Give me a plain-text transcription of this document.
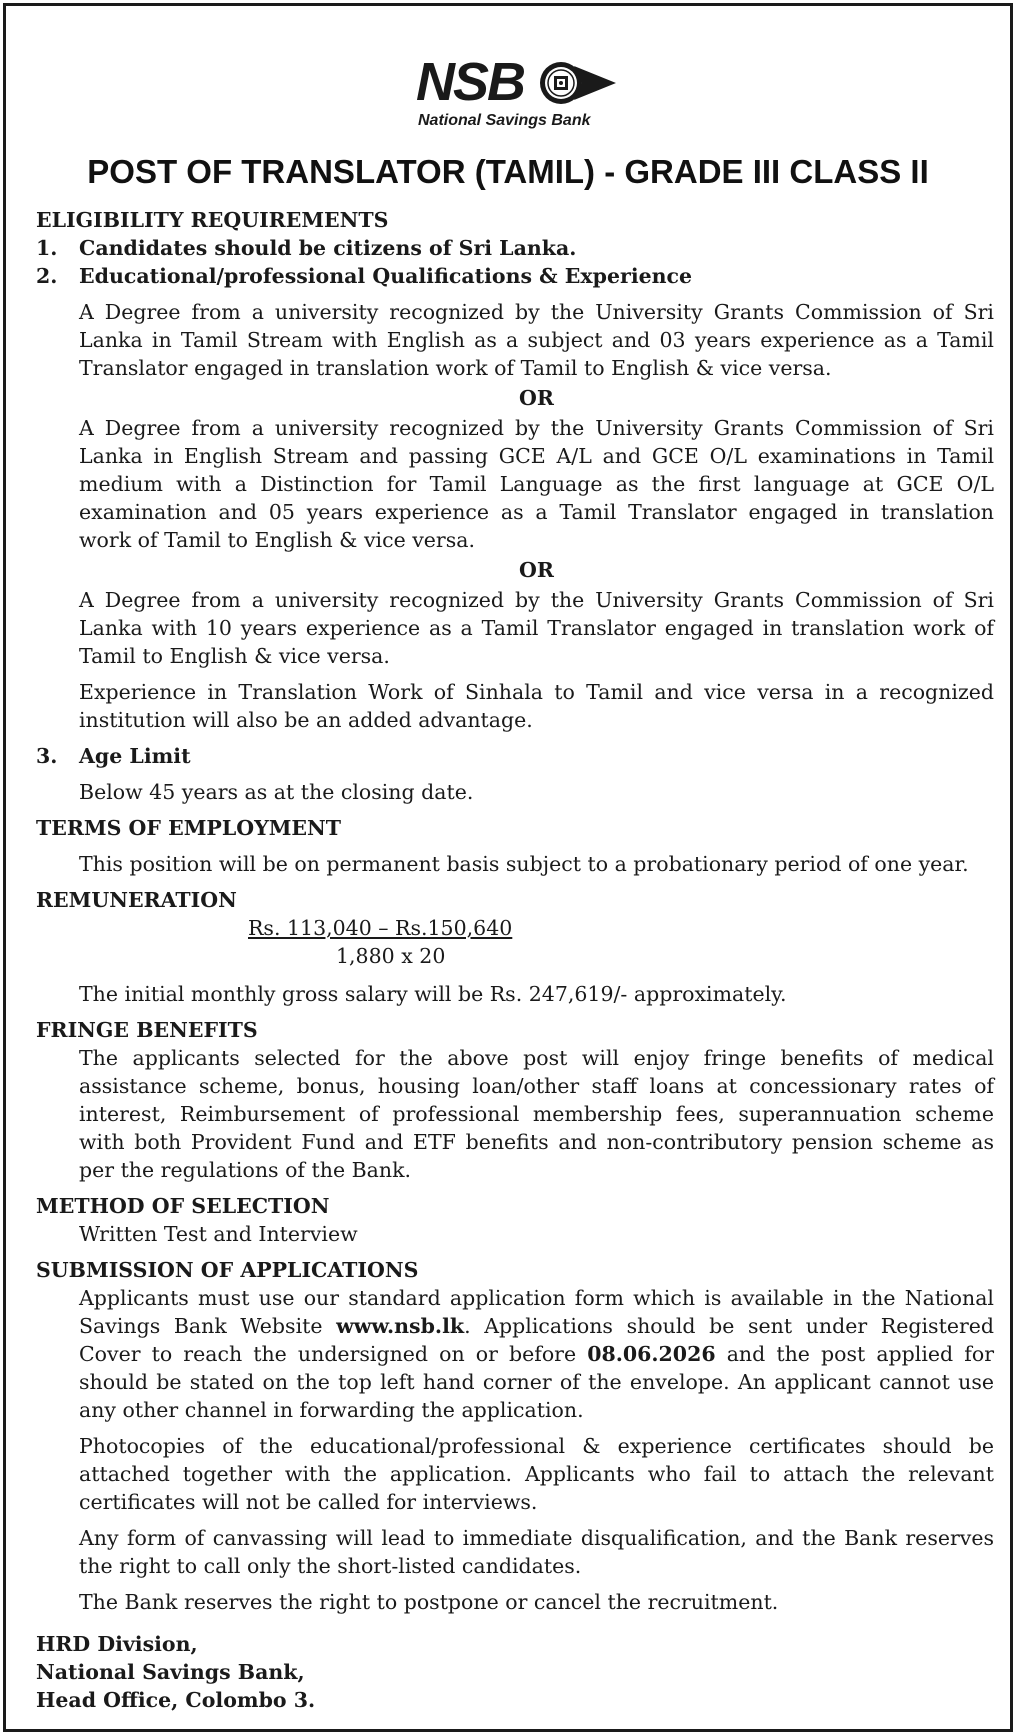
NSB
National Savings Bank
POST OF TRANSLATOR (TAMIL) - GRADE III CLASS II
ELIGIBILITY REQUIREMENTS
1.	Candidates should be citizens of Sri Lanka.
2.	Educational/professional Qualifications & Experience

A Degree from a university recognized by the University Grants Commission of Sri Lanka in Tamil Stream with English as a subject and 03 years experience as a Tamil Translator engaged in translation work of Tamil to English & vice versa.

OR

A Degree from a university recognized by the University Grants Commission of Sri Lanka in English Stream and passing GCE A/L and GCE O/L examinations in Tamil medium with a Distinction for Tamil Language as the first language at GCE O/L examination and 05 years experience as a Tamil Translator engaged in translation work of Tamil to English & vice versa.

OR

A Degree from a university recognized by the University Grants Commission of Sri Lanka with 10 years experience as a Tamil Translator engaged in translation work of Tamil to English & vice versa.

Experience in Translation Work of Sinhala to Tamil and vice versa in a recognized institution will also be an added advantage.

3.	Age Limit

Below 45 years as at the closing date.

TERMS OF EMPLOYMENT

This position will be on permanent basis subject to a probationary period of one year.

REMUNERATION
Rs. 113,040 – Rs.150,640
1,880 x 20

The initial monthly gross salary will be Rs. 247,619/- approximately.

FRINGE BENEFITS

The applicants selected for the above post will enjoy fringe benefits of medical assistance scheme, bonus, housing loan/other staff loans at concessionary rates of interest, Reimbursement of professional membership fees, superannuation scheme with both Provident Fund and ETF benefits and non-contributory pension scheme as per the regulations of the Bank.

METHOD OF SELECTION

Written Test and Interview

SUBMISSION OF APPLICATIONS

Applicants must use our standard application form which is available in the National Savings Bank Website www.nsb.lk. Applications should be sent under Registered Cover to reach the undersigned on or before 08.06.2026 and the post applied for should be stated on the top left hand corner of the envelope. An applicant cannot use any other channel in forwarding the application.

Photocopies of the educational/professional & experience certificates should be attached together with the application. Applicants who fail to attach the relevant certificates will not be called for interviews.

Any form of canvassing will lead to immediate disqualification, and the Bank reserves the right to call only the short-listed candidates.

The Bank reserves the right to postpone or cancel the recruitment.

HRD Division,
National Savings Bank,
Head Office, Colombo 3.
